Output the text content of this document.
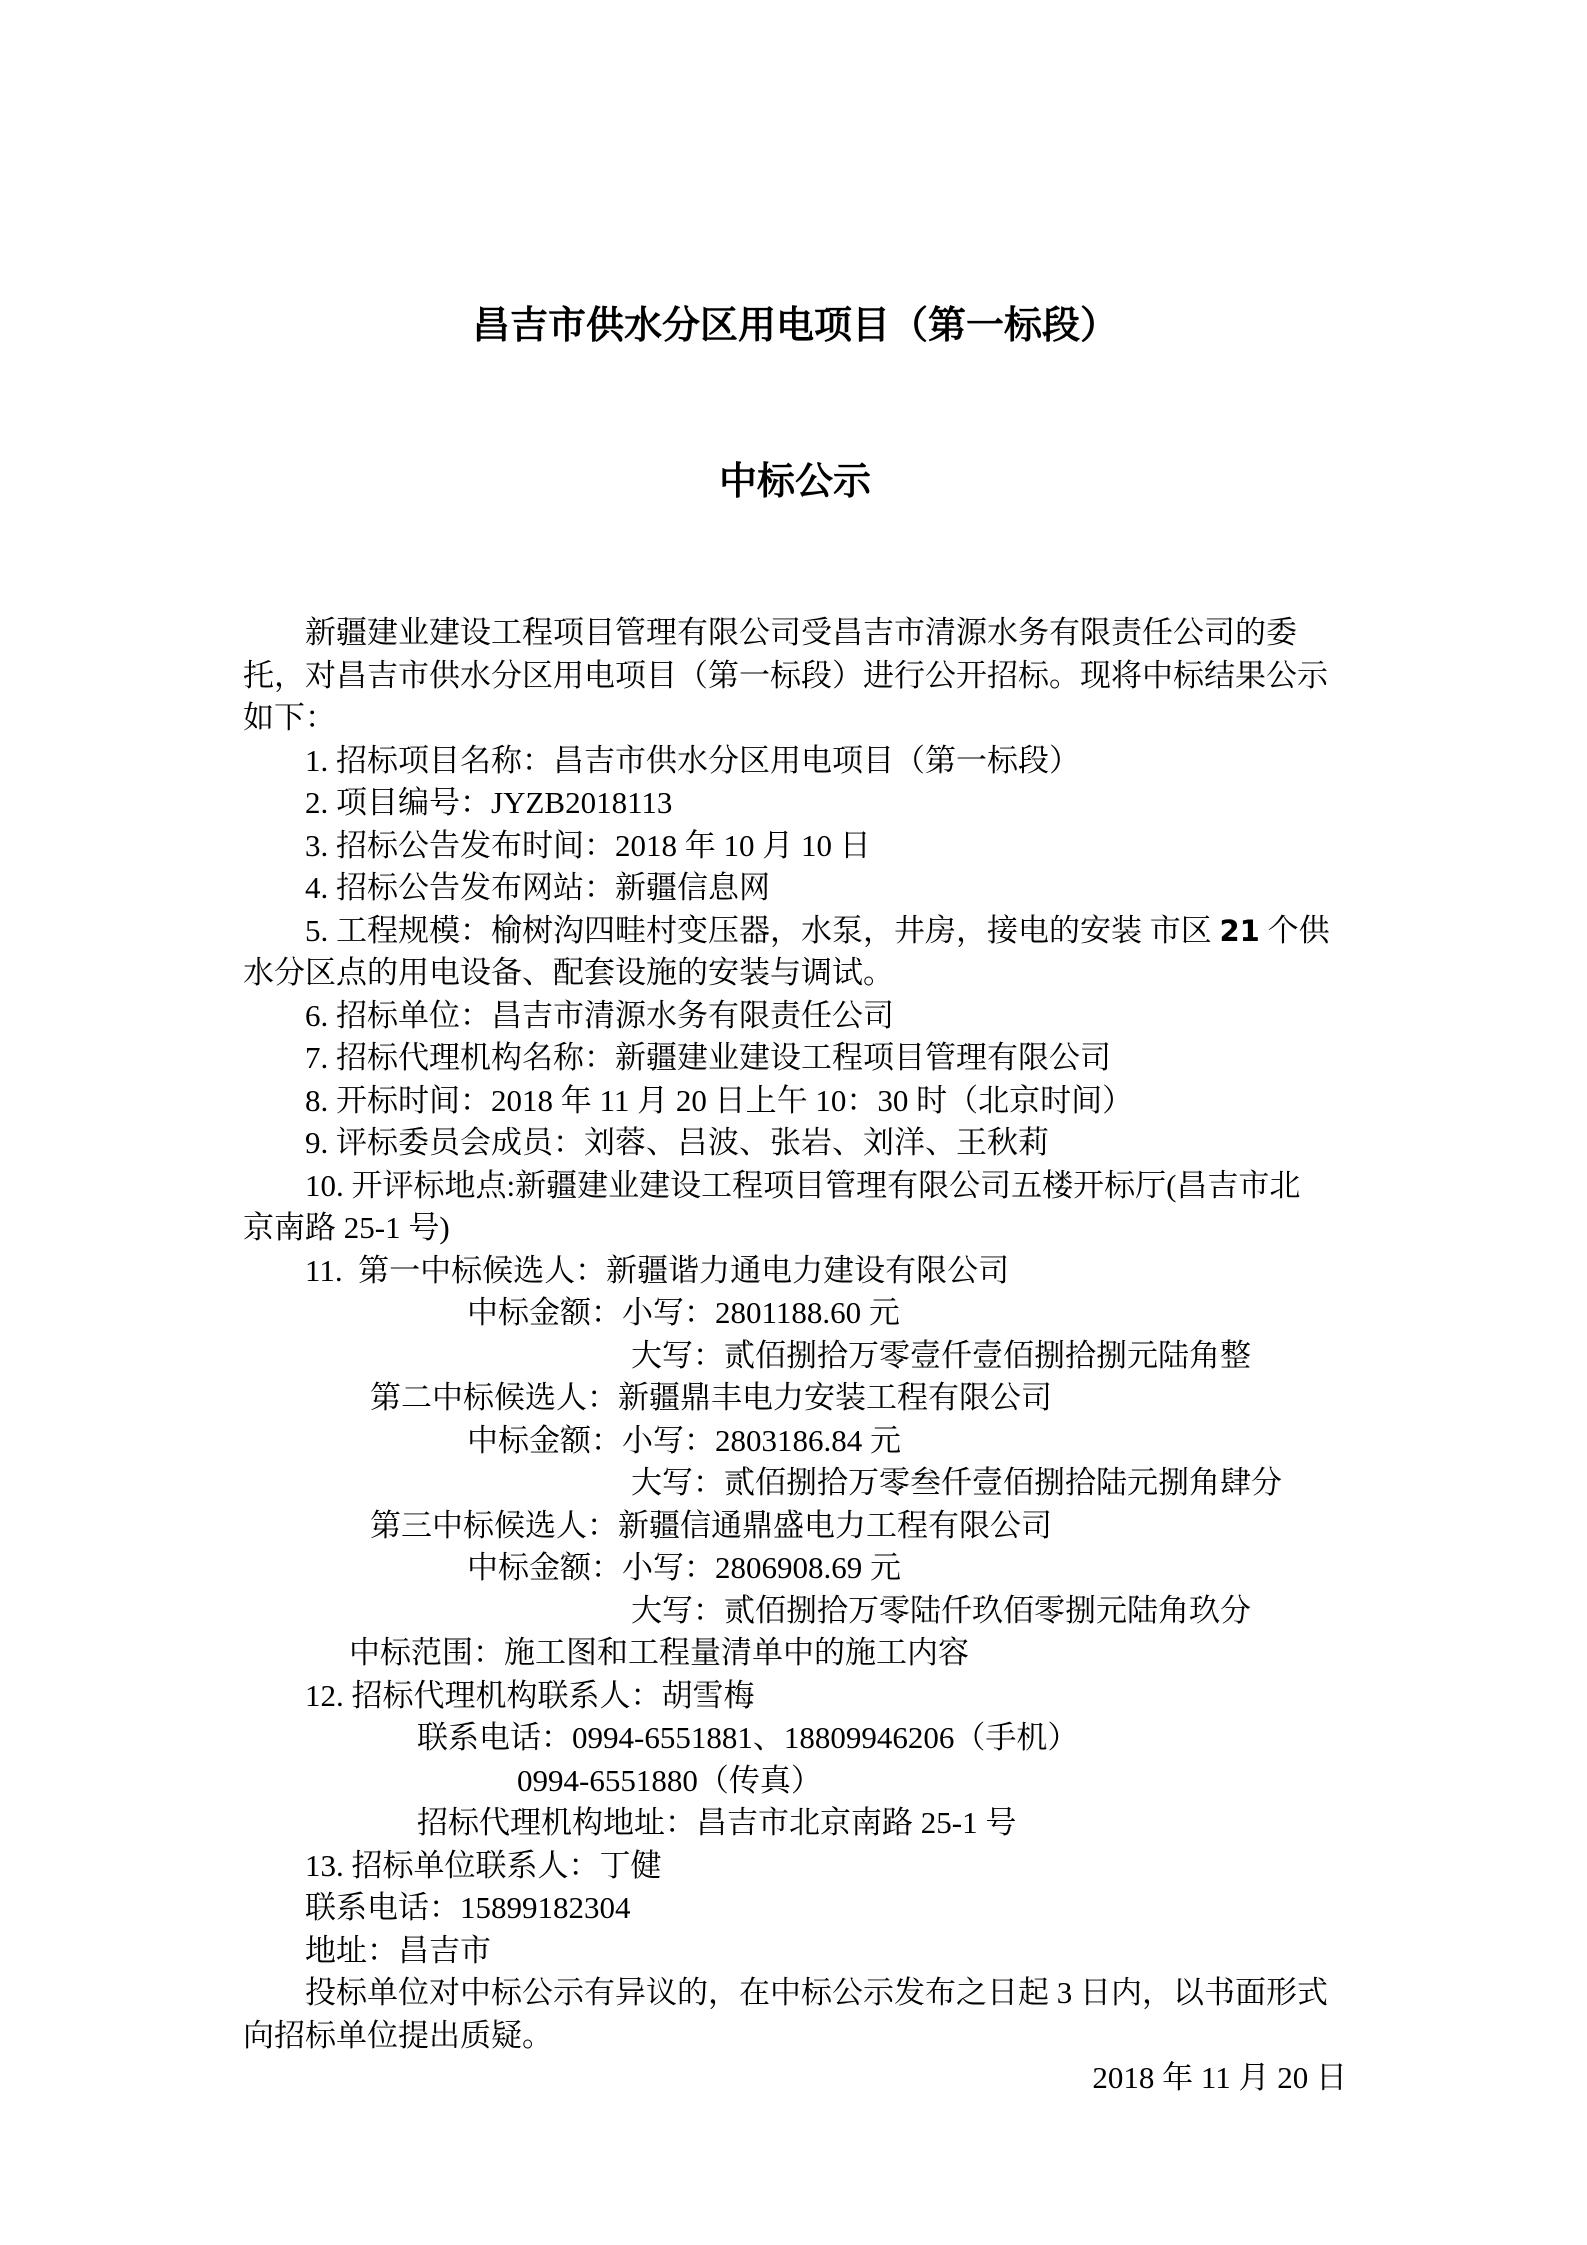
昌吉市供水分区用电项目（第一标段）

中标公示

新疆建业建设工程项目管理有限公司受昌吉市清源水务有限责任公司的委
托，对昌吉市供水分区用电项目（第一标段）进行公开招标。现将中标结果公示
如下：
1. 招标项目名称：昌吉市供水分区用电项目（第一标段）
2. 项目编号：JYZB2018113
3. 招标公告发布时间：2018 年 10 月 10 日
4. 招标公告发布网站：新疆信息网
5. 工程规模：榆树沟四畦村变压器，水泵，井房，接电的安装 市区 21 个供
水分区点的用电设备、配套设施的安装与调试。
6. 招标单位：昌吉市清源水务有限责任公司
7. 招标代理机构名称：新疆建业建设工程项目管理有限公司
8. 开标时间：2018 年 11 月 20 日上午 10：30 时（北京时间）
9. 评标委员会成员：刘蓉、吕波、张岩、刘洋、王秋莉
10. 开评标地点:新疆建业建设工程项目管理有限公司五楼开标厅(昌吉市北
京南路 25-1 号)
11.  第一中标候选人：新疆谐力通电力建设有限公司
中标金额：小写：2801188.60 元
大写：贰佰捌拾万零壹仟壹佰捌拾捌元陆角整
第二中标候选人：新疆鼎丰电力安装工程有限公司
中标金额：小写：2803186.84 元
大写：贰佰捌拾万零叁仟壹佰捌拾陆元捌角肆分
第三中标候选人：新疆信通鼎盛电力工程有限公司
中标金额：小写：2806908.69 元
大写：贰佰捌拾万零陆仟玖佰零捌元陆角玖分
中标范围：施工图和工程量清单中的施工内容
12. 招标代理机构联系人：胡雪梅
联系电话：0994-6551881、18809946206（手机）
0994-6551880（传真）
招标代理机构地址：昌吉市北京南路 25-1 号
13. 招标单位联系人：丁健
联系电话：15899182304
地址：昌吉市
投标单位对中标公示有异议的，在中标公示发布之日起 3 日内，以书面形式
向招标单位提出质疑。
2018 年 11 月 20 日
